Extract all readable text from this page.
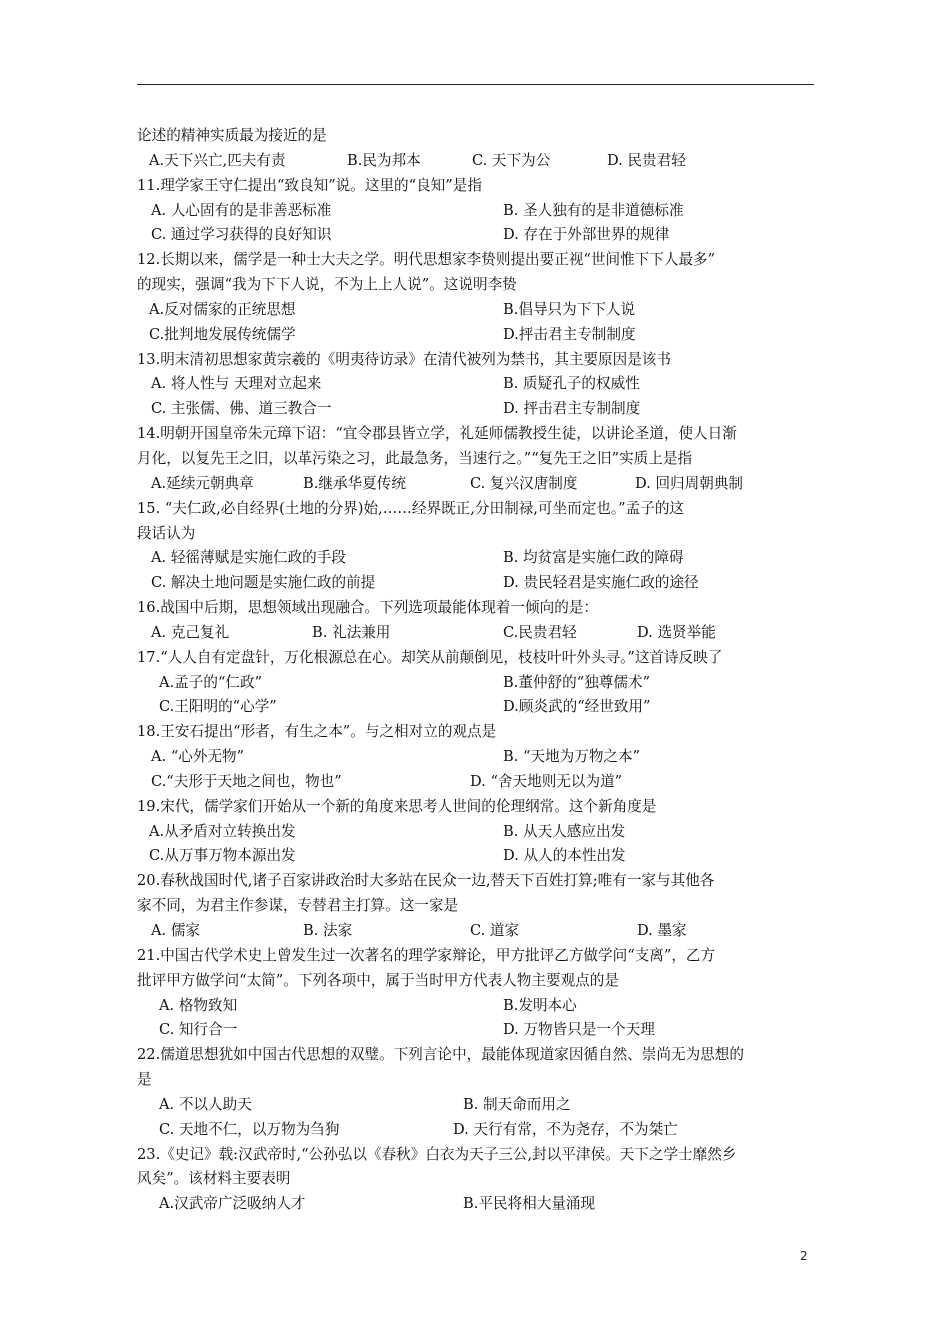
论述的精神实质最为接近的是
A.天下兴亡,匹夫有责	B.民为邦本	C. 天下为公	D. 民贵君轻
11.理学家王守仁提出“致良知”说。这里的“良知”是指
A. 人心固有的是非善恶标准	B. 圣人独有的是非道德标准
C. 通过学习获得的良好知识	D. 存在于外部世界的规律
12.长期以来，儒学是一种士大夫之学。明代思想家李贽则提出要正视“世间惟下下人最多”
的现实，强调“我为下下人说，不为上上人说”。这说明李贽
A.反对儒家的正统思想	B.倡导只为下下人说
C.批判地发展传统儒学	D.抨击君主专制制度
13.明末清初思想家黄宗羲的《明夷待访录》在清代被列为禁书，其主要原因是该书
A. 将人性与 天理对立起来	B. 质疑孔子的权威性
C. 主张儒、佛、道三教合一	D. 抨击君主专制制度
14.明朝开国皇帝朱元璋下诏：“宜令郡县皆立学，礼延师儒教授生徒，以讲论圣道，使人日渐
月化，以复先王之旧，以革污染之习，此最急务，当速行之。”“复先王之旧”实质上是指
A.延续元朝典章	B.继承华夏传统	C. 复兴汉唐制度	D. 回归周朝典制
15. “夫仁政,必自经界(土地的分界)始,……经界既正,分田制禄,可坐而定也。”孟子的这
段话认为
A. 轻徭薄赋是实施仁政的手段	B. 均贫富是实施仁政的障碍
C. 解决土地问题是实施仁政的前提	D. 贵民轻君是实施仁政的途径
16.战国中后期，思想领域出现融合。下列选项最能体现着一倾向的是：
A. 克己复礼	B. 礼法兼用	C.民贵君轻	D. 选贤举能
17.“人人自有定盘针，万化根源总在心。却笑从前颠倒见，枝枝叶叶外头寻。”这首诗反映了
A.孟子的“仁政”	B.董仲舒的“独尊儒术”
C.王阳明的“心学”	D.顾炎武的“经世致用”
18.王安石提出“形者，有生之本”。与之相对立的观点是
A. “心外无物”	B. “天地为万物之本”
C.“夫形于天地之间也，物也”	D. “舍天地则无以为道”
19.宋代，儒学家们开始从一个新的角度来思考人世间的伦理纲常。这个新角度是
A.从矛盾对立转换出发	B. 从天人感应出发
C.从万事万物本源出发	D. 从人的本性出发
20.春秋战国时代,诸子百家讲政治时大多站在民众一边,替天下百姓打算;唯有一家与其他各
家不同，为君主作参谋，专替君主打算。这一家是
A. 儒家	B. 法家	C. 道家	D. 墨家
21.中国古代学术史上曾发生过一次著名的理学家辩论，甲方批评乙方做学问“支离”，乙方
批评甲方做学问“太简”。下列各项中，属于当时甲方代表人物主要观点的是
A. 格物致知	B.发明本心
C. 知行合一	D. 万物皆只是一个天理
22.儒道思想犹如中国古代思想的双璧。下列言论中，最能体现道家因循自然、崇尚无为思想的
是
A. 不以人助天	B. 制天命而用之
C. 天地不仁，以万物为刍狗	D. 天行有常，不为尧存，不为桀亡
23.《史记》载:汉武帝时,“公孙弘以《春秋》白衣为天子三公,封以平津侯。天下之学士靡然乡
风矣”。该材料主要表明
A.汉武帝广泛吸纳人才	B.平民将相大量涌现
2
